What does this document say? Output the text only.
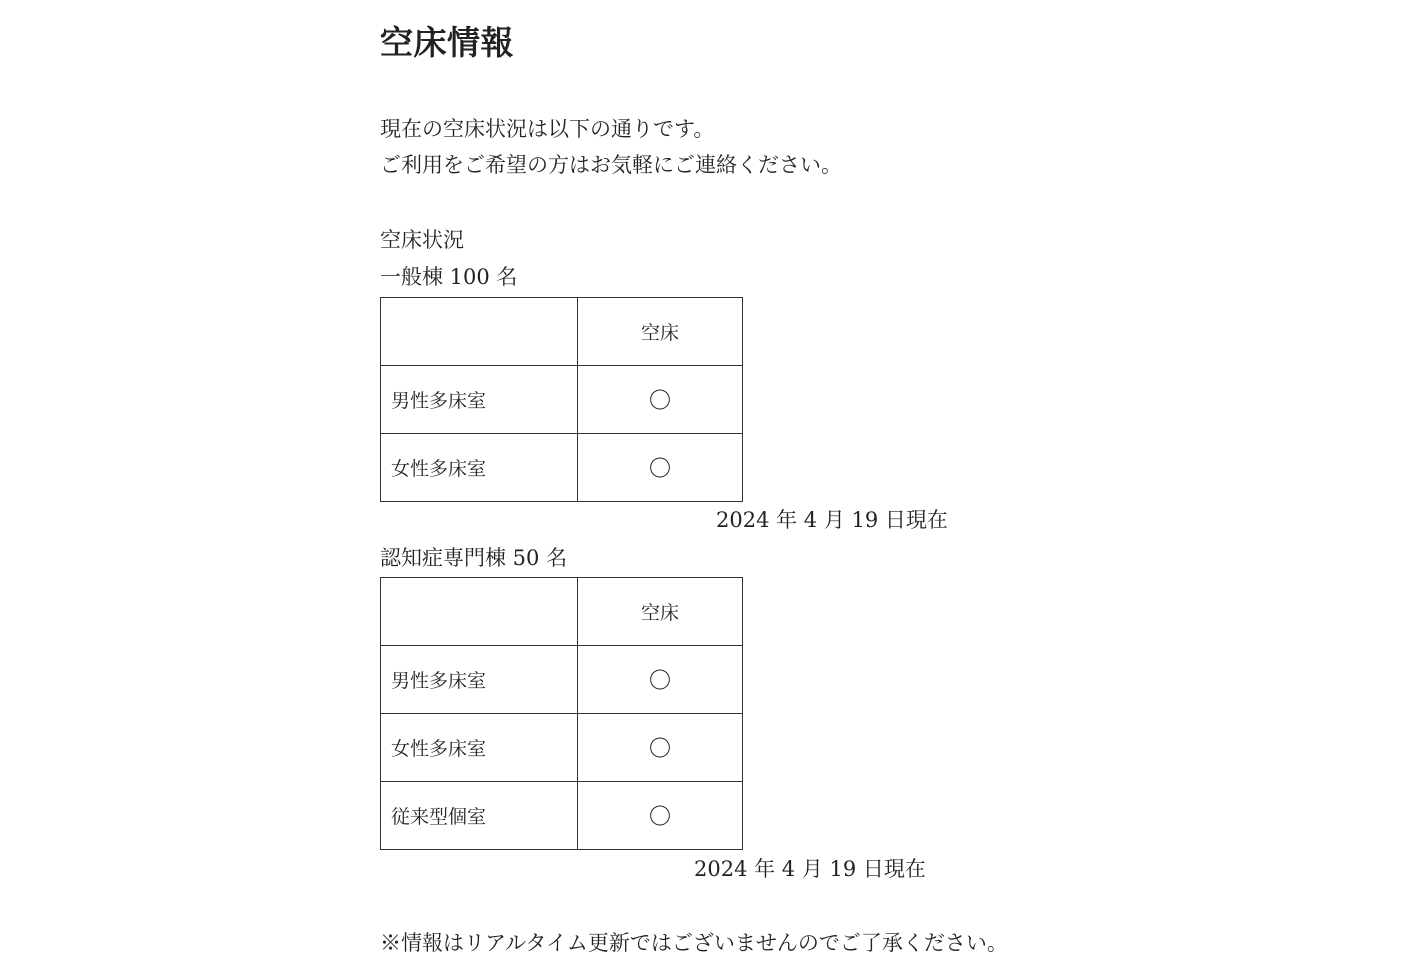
空床情報

現在の空床状況は以下の通りです。

ご利用をご希望の方はお気軽にご連絡ください。

空床状況

一般棟 100 名

	空床
男性多床室	〇
女性多床室	〇
2024 年 4 月 19 日現在

認知症専門棟 50 名

	空床
男性多床室	〇
女性多床室	〇
従来型個室	〇
2024 年 4 月 19 日現在

※情報はリアルタイム更新ではございませんのでご了承ください。
